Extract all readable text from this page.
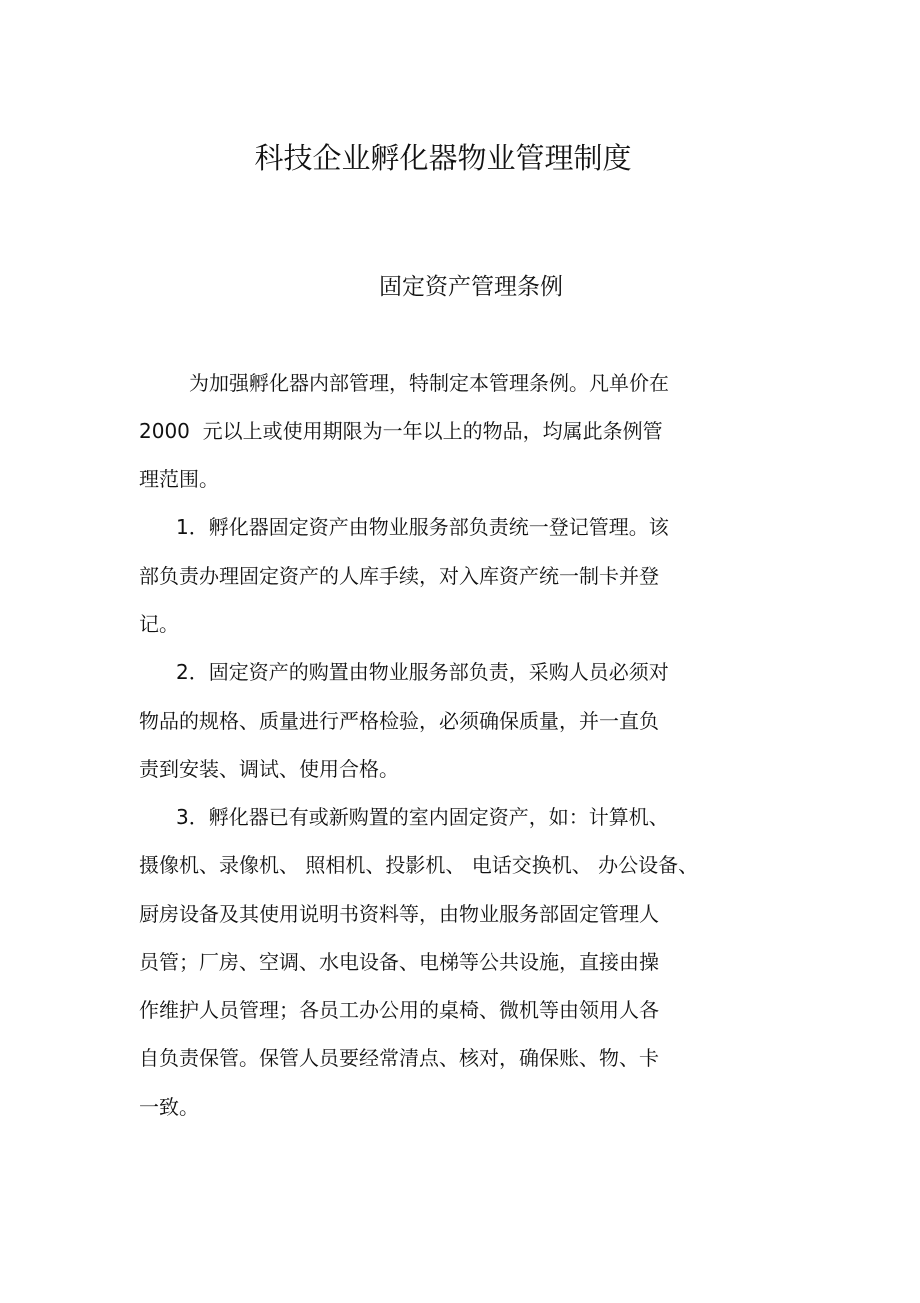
科技企业孵化器物业管理制度
固定资产管理条例

为加强孵化器内部管理，特制定本管理条例。凡单价在

2000  元以上或使用期限为一年以上的物品，均属此条例管

理范围。

1．孵化器固定资产由物业服务部负责统一登记管理。该

部负责办理固定资产的人库手续，对入库资产统一制卡并登

记。

2．固定资产的购置由物业服务部负责，采购人员必须对

物品的规格、质量进行严格检验，必须确保质量，并一直负

责到安装、调试、使用合格。

3．孵化器已有或新购置的室内固定资产，如：计算机、

摄像机、录像机、 照相机、投影机、 电话交换机、 办公设备、

厨房设备及其使用说明书资料等，由物业服务部固定管理人

员管；厂房、空调、水电设备、电梯等公共设施，直接由操

作维护人员管理；各员工办公用的桌椅、微机等由领用人各

自负责保管。保管人员要经常清点、核对，确保账、物、卡

一致。
